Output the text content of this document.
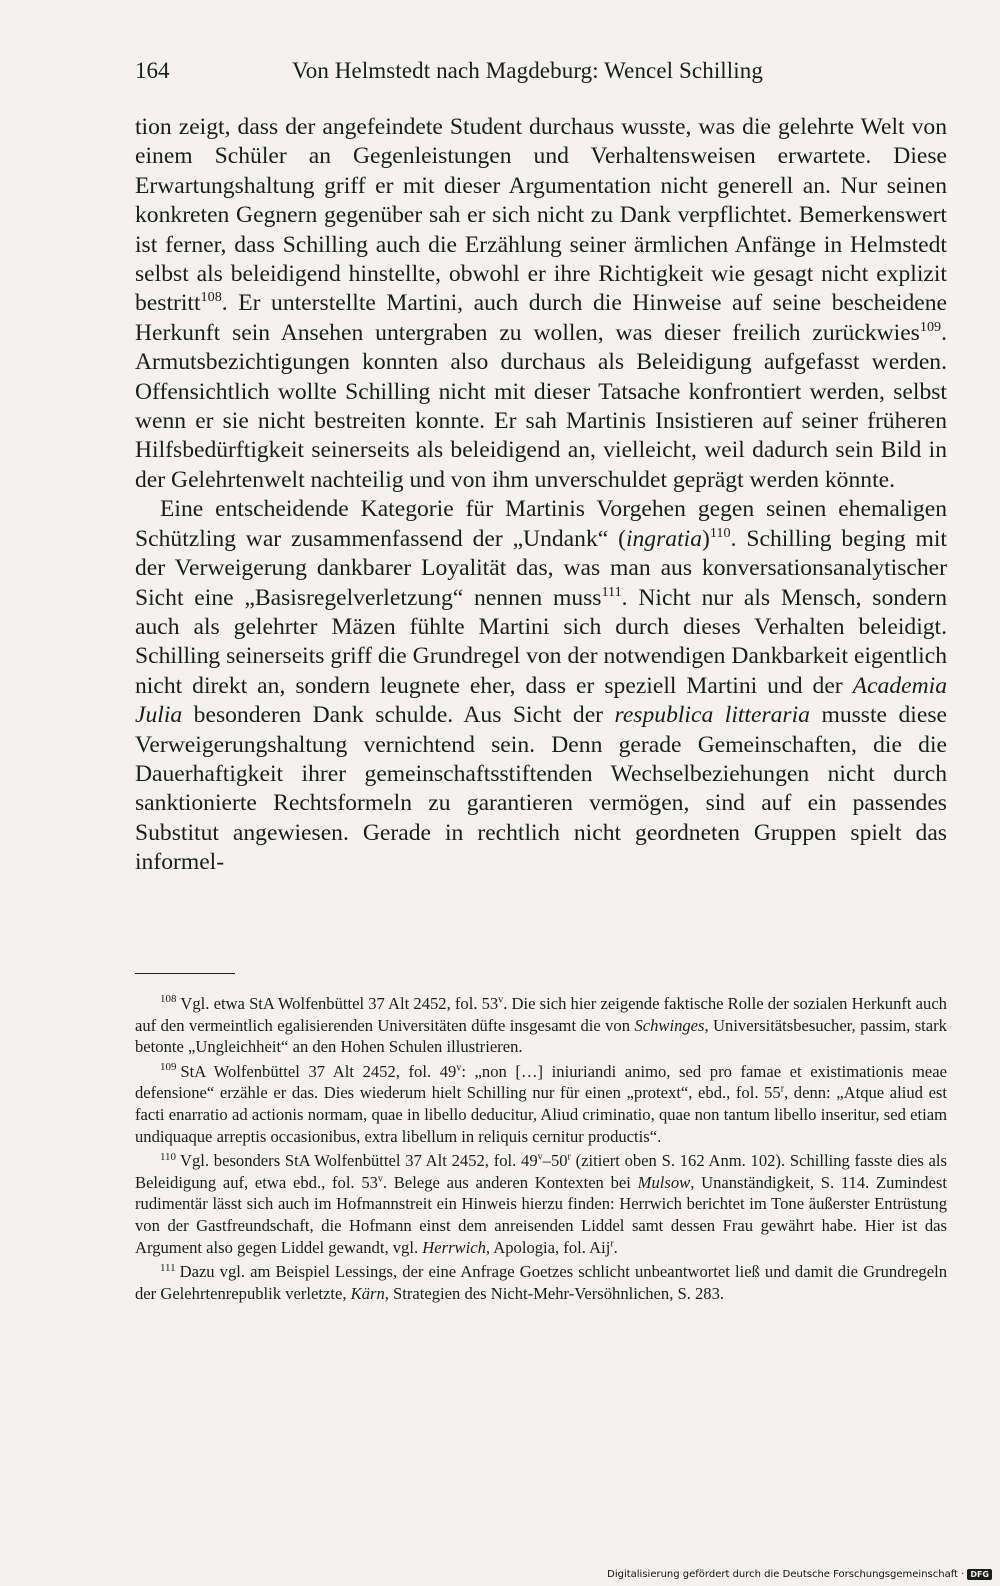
164	Von Helmstedt nach Magdeburg: Wencel Schilling

tion zeigt, dass der angefeindete Student durchaus wusste, was die gelehrte Welt von einem Schüler an Gegenleistungen und Verhaltensweisen erwartete. Diese Erwartungshaltung griff er mit dieser Argumentation nicht generell an. Nur seinen konkreten Gegnern gegenüber sah er sich nicht zu Dank verpflichtet. Bemerkenswert ist ferner, dass Schilling auch die Erzählung seiner ärmlichen Anfänge in Helmstedt selbst als beleidigend hinstellte, obwohl er ihre Richtigkeit wie gesagt nicht explizit bestritt$^{108}$. Er unterstellte Martini, auch durch die Hinweise auf seine bescheidene Herkunft sein Ansehen untergraben zu wollen, was dieser freilich zurückwies$^{109}$. Armutsbezichtigungen konnten also durchaus als Beleidigung aufgefasst werden. Offensichtlich wollte Schilling nicht mit dieser Tatsache konfrontiert werden, selbst wenn er sie nicht bestreiten konnte. Er sah Martinis Insistieren auf seiner früheren Hilfsbedürftigkeit seinerseits als beleidigend an, vielleicht, weil dadurch sein Bild in der Gelehrtenwelt nachteilig und von ihm unverschuldet geprägt werden könnte.

Eine entscheidende Kategorie für Martinis Vorgehen gegen seinen ehemaligen Schützling war zusammenfassend der „Undank“ (ingratia)$^{110}$. Schilling beging mit der Verweigerung dankbarer Loyalität das, was man aus konversationsanalytischer Sicht eine „Basisregelverletzung“ nennen muss$^{111}$. Nicht nur als Mensch, sondern auch als gelehrter Mäzen fühlte Martini sich durch dieses Verhalten beleidigt. Schilling seinerseits griff die Grundregel von der notwendigen Dankbarkeit eigentlich nicht direkt an, sondern leugnete eher, dass er speziell Martini und der Academia Julia besonderen Dank schulde. Aus Sicht der respublica litteraria musste diese Verweigerungshaltung vernichtend sein. Denn gerade Gemeinschaften, die die Dauerhaftigkeit ihrer gemeinschaftsstiftenden Wechselbeziehungen nicht durch sanktionierte Rechtsformeln zu garantieren vermögen, sind auf ein passendes Substitut angewiesen. Gerade in rechtlich nicht geordneten Gruppen spielt das informel-

$^{108}$ Vgl. etwa StA Wolfenbüttel 37 Alt 2452, fol. 53$^v$. Die sich hier zeigende faktische Rolle der sozialen Herkunft auch auf den vermeintlich egalisierenden Universitäten düfte insgesamt die von Schwinges, Universitätsbesucher, passim, stark betonte „Ungleichheit“ an den Hohen Schulen illustrieren.

$^{109}$ StA Wolfenbüttel 37 Alt 2452, fol. 49$^v$: „non […] iniuriandi animo, sed pro famae et existimationis meae defensione“ erzähle er das. Dies wiederum hielt Schilling nur für einen „protext“, ebd., fol. 55$^r$, denn: „Atque aliud est facti enarratio ad actionis normam, quae in libello deducitur, Aliud criminatio, quae non tantum libello inseritur, sed etiam undiquaque arreptis occasionibus, extra libellum in reliquis cernitur productis“.

$^{110}$ Vgl. besonders StA Wolfenbüttel 37 Alt 2452, fol. 49$^v$–50$^r$ (zitiert oben S. 162 Anm. 102). Schilling fasste dies als Beleidigung auf, etwa ebd., fol. 53$^v$. Belege aus anderen Kontexten bei Mulsow, Unanständigkeit, S. 114. Zumindest rudimentär lässt sich auch im Hofmannstreit ein Hinweis hierzu finden: Herrwich berichtet im Tone äußerster Entrüstung von der Gastfreundschaft, die Hofmann einst dem anreisenden Liddel samt dessen Frau gewährt habe. Hier ist das Argument also gegen Liddel gewandt, vgl. Herrwich, Apologia, fol. Aij$^r$.

$^{111}$ Dazu vgl. am Beispiel Lessings, der eine Anfrage Goetzes schlicht unbeantwortet ließ und damit die Grundregeln der Gelehrtenrepublik verletzte, Kärn, Strategien des Nicht-Mehr-Versöhnlichen, S. 283.

Digitalisierung gefördert durch die Deutsche Forschungsgemeinschaft · DFG
